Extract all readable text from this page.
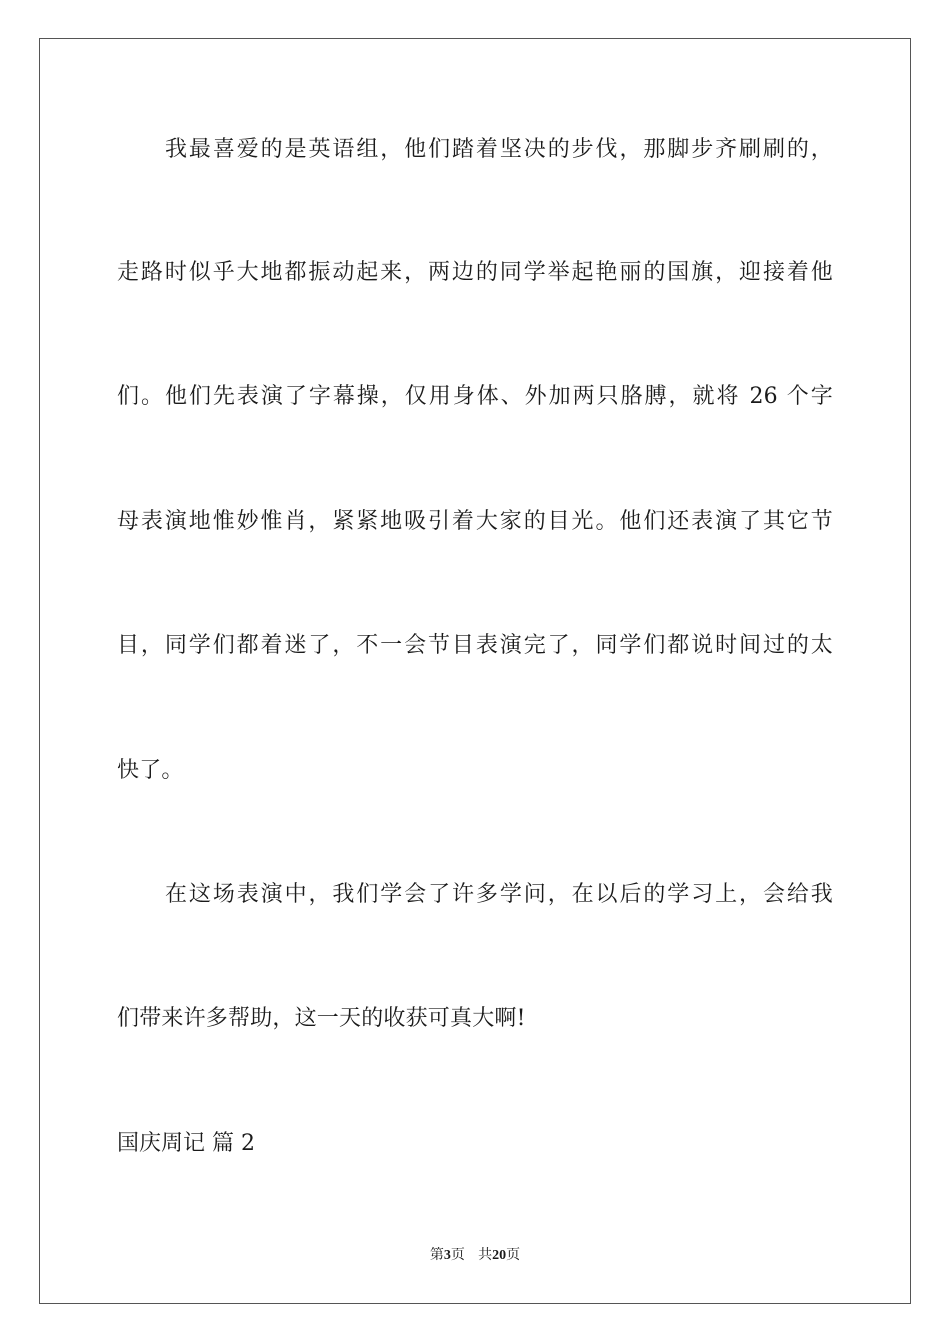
我最喜爱的是英语组，他们踏着坚决的步伐，那脚步齐刷刷的，
走路时似乎大地都振动起来，两边的同学举起艳丽的国旗，迎接着他
们。他们先表演了字幕操，仅用身体、外加两只胳膊，就将 26 个字
母表演地惟妙惟肖，紧紧地吸引着大家的目光。他们还表演了其它节
目，同学们都着迷了，不一会节目表演完了，同学们都说时间过的太
快了。
在这场表演中，我们学会了许多学问，在以后的学习上，会给我
们带来许多帮助，这一天的收获可真大啊!
国庆周记 篇 2
第3页   共20页
